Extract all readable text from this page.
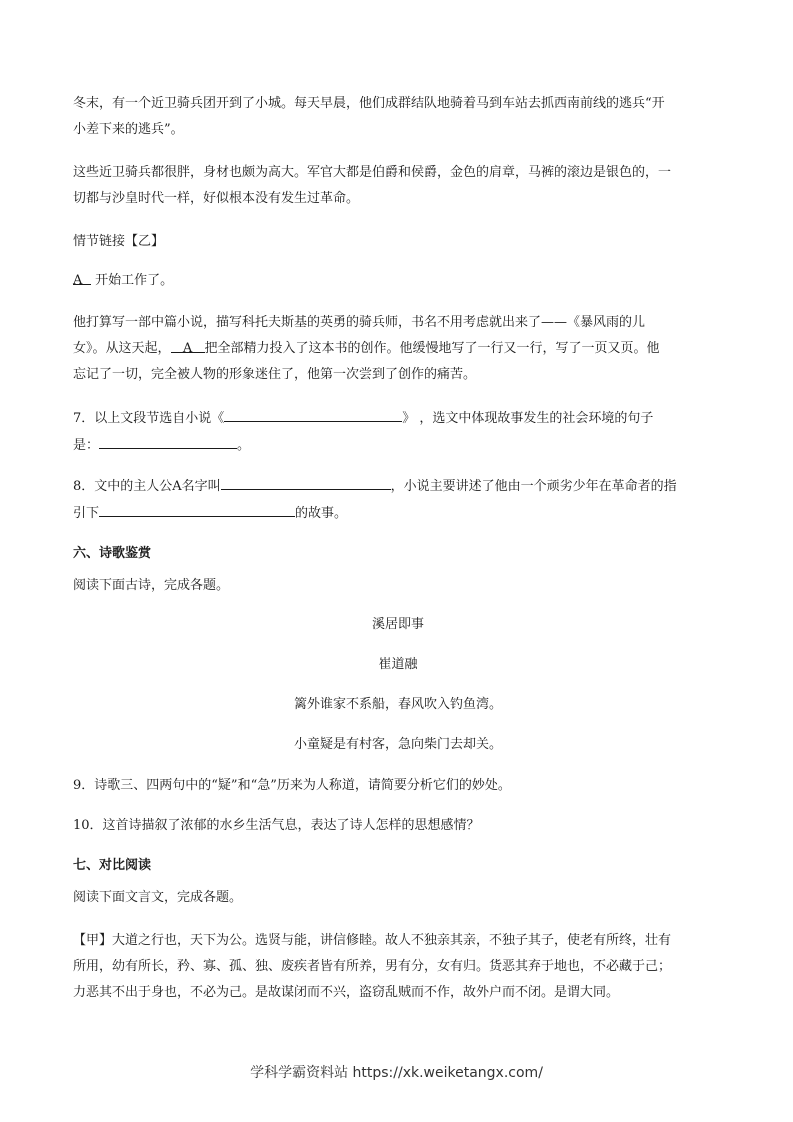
冬末，有一个近卫骑兵团开到了小城。每天早晨，他们成群结队地骑着马到车站去抓西南前线的逃兵“开
小差下来的逃兵”。
这些近卫骑兵都很胖，身材也颇为高大。军官大都是伯爵和侯爵，金色的肩章，马裤的滚边是银色的，一
切都与沙皇时代一样，好似根本没有发生过革命。
情节链接【乙】
A 开始工作了。
他打算写一部中篇小说，描写科托夫斯基的英勇的骑兵师，书名不用考虑就出来了——《暴风雨的儿
女》。从这天起， A 把全部精力投入了这本书的创作。他缓慢地写了一行又一行，写了一页又页。他
忘记了一切，完全被人物的形象迷住了，他第一次尝到了创作的痛苦。
7．以上文段节选自小说《	》 ，选文中体现故事发生的社会环境的句子
是：	。
8．文中的主人公A名字叫	，小说主要讲述了他由一个顽劣少年在革命者的指
引下	的故事。
六、诗歌鉴赏
阅读下面古诗，完成各题。
溪居即事
崔道融
篱外谁家不系船，春风吹入钓鱼湾。
小童疑是有村客，急向柴门去却关。
9．诗歌三、四两句中的“疑”和“急”历来为人称道，请简要分析它们的妙处。
10．这首诗描叙了浓郁的水乡生活气息，表达了诗人怎样的思想感情？
七、对比阅读
阅读下面文言文，完成各题。
【甲】大道之行也，天下为公。选贤与能，讲信修睦。故人不独亲其亲，不独子其子，使老有所终，壮有
所用，幼有所长，矜、寡、孤、独、废疾者皆有所养，男有分，女有归。货恶其弃于地也，不必藏于己；
力恶其不出于身也，不必为己。是故谋闭而不兴，盗窃乱贼而不作，故外户而不闭。是谓大同。
学科学霸资料站 https://xk.weiketangx.com/
